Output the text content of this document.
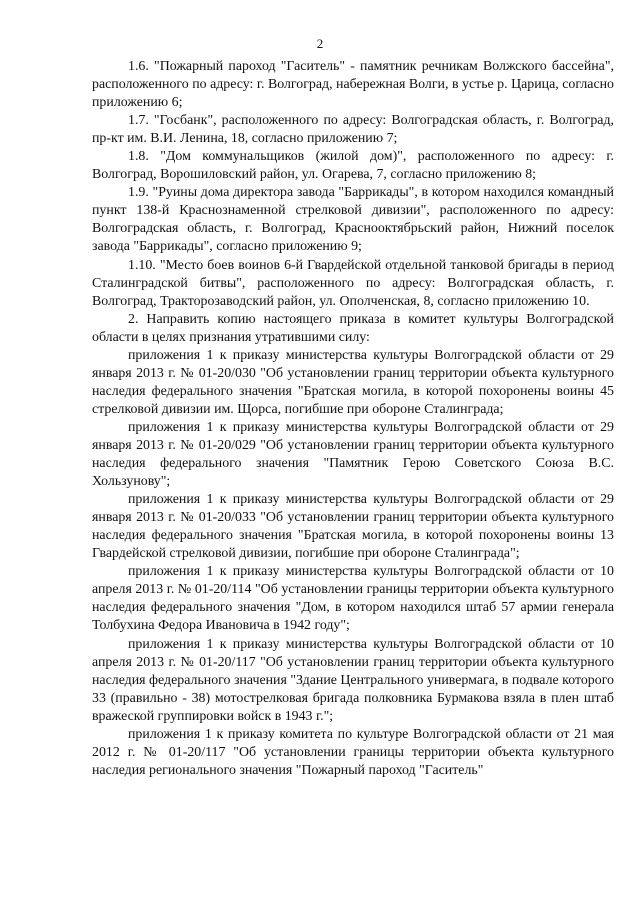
2

1.6. "Пожарный пароход "Гаситель" - памятник речникам Волжского бассейна", расположенного по адресу: г. Волгоград, набережная Волги, в устье р. Царица, согласно приложению 6;

1.7. "Госбанк", расположенного по адресу: Волгоградская область, г. Волгоград, пр-кт им. В.И. Ленина, 18, согласно приложению 7;

1.8. "Дом коммунальщиков (жилой дом)", расположенного по адресу: г. Волгоград, Ворошиловский район, ул. Огарева, 7, согласно приложению 8;

1.9. "Руины дома директора завода "Баррикады", в котором находился командный пункт 138-й Краснознаменной стрелковой дивизии", расположенного по адресу: Волгоградская область, г. Волгоград, Краснооктябрьский район, Нижний поселок завода "Баррикады", согласно приложению 9;

1.10. "Место боев воинов 6-й Гвардейской отдельной танковой бригады в период Сталинградской битвы", расположенного по адресу: Волгоградская область, г. Волгоград, Тракторозаводский район, ул. Ополченская, 8, согласно приложению 10.

2. Направить копию настоящего приказа в комитет культуры Волгоградской области в целях признания утратившими силу:

приложения 1 к приказу министерства культуры Волгоградской области от 29 января 2013 г. № 01-20/030 "Об установлении границ территории объекта культурного наследия федерального значения "Братская могила, в которой похоронены воины 45 стрелковой дивизии им. Щорса, погибшие при обороне Сталинграда;

приложения 1 к приказу министерства культуры Волгоградской области от 29 января 2013 г. № 01-20/029 "Об установлении границ территории объекта культурного наследия федерального значения "Памятник Герою Советского Союза В.С. Хользунову";

приложения 1 к приказу министерства культуры Волгоградской области от 29 января 2013 г. № 01-20/033 "Об установлении границ территории объекта культурного наследия федерального значения "Братская могила, в которой похоронены воины 13 Гвардейской стрелковой дивизии, погибшие при обороне Сталинграда";

приложения 1 к приказу министерства культуры Волгоградской области от 10 апреля 2013 г. № 01-20/114 "Об установлении границы территории объекта культурного наследия федерального значения "Дом, в котором находился штаб 57 армии генерала Толбухина Федора Ивановича в 1942 году";

приложения 1 к приказу министерства культуры Волгоградской области от 10 апреля 2013 г. № 01-20/117 "Об установлении границ территории объекта культурного наследия федерального значения "Здание Центрального универмага, в подвале которого 33 (правильно - 38) мотострелковая бригада полковника Бурмакова взяла в плен штаб вражеской группировки войск в 1943 г.";

приложения 1 к приказу комитета по культуре Волгоградской области от 21 мая 2012 г. № 01-20/117 "Об установлении границы территории объекта культурного наследия регионального значения "Пожарный пароход "Гаситель"
